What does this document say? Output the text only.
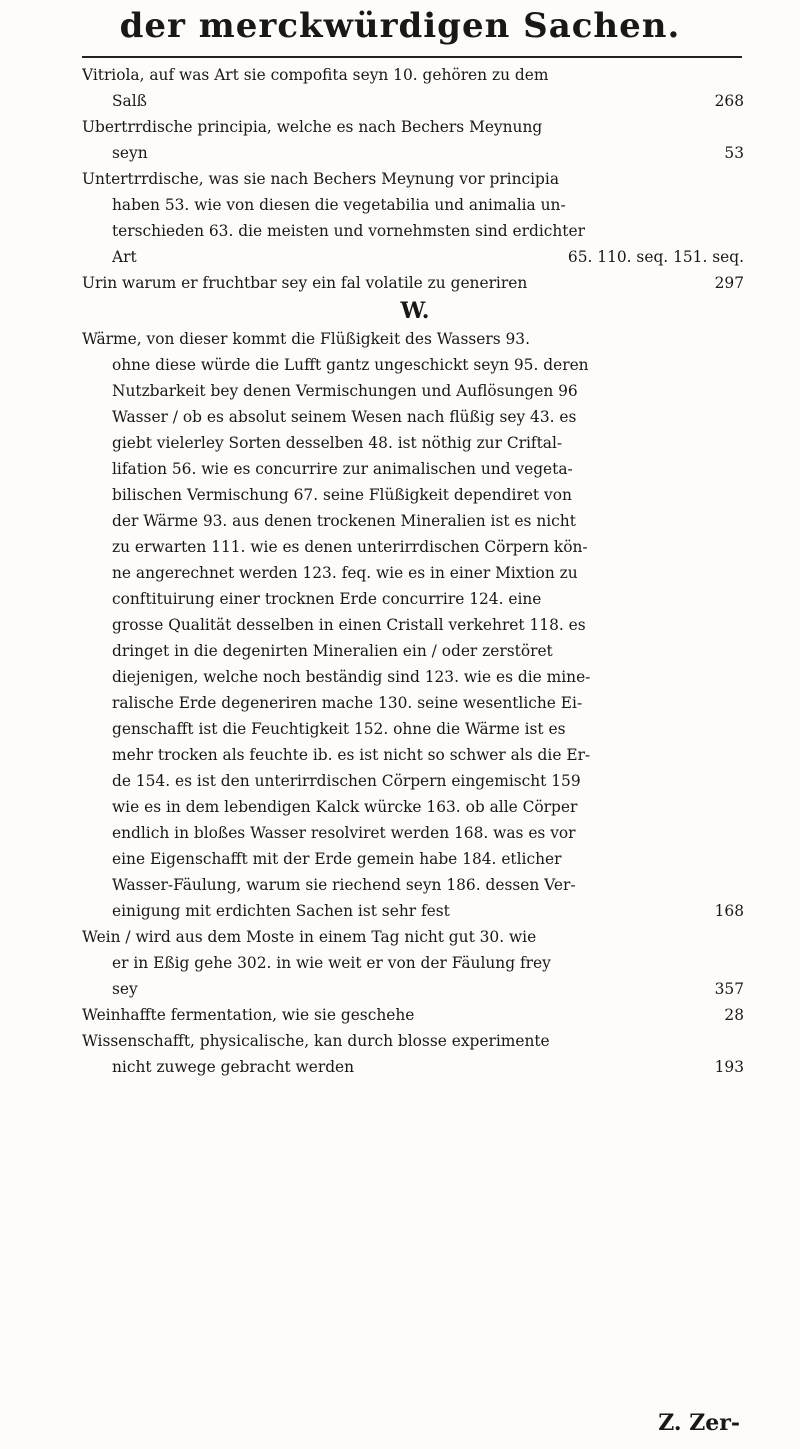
der merckwürdigen Sachen.
Vitriola, auf was Art sie compofita seyn 10. gehören zu dem
Salß	268
Ubertrrdische principia, welche es nach Bechers Meynung
seyn	53
Untertrrdische, was sie nach Bechers Meynung vor principia
haben 53. wie von diesen die vegetabilia und animalia un-
terschieden 63. die meisten und vornehmsten sind erdichter
Art	65. 110. seq. 151. seq.
Urin warum er fruchtbar sey ein fal volatile zu generiren	297
W.
Wärme, von dieser kommt die Flüßigkeit des Wassers 93.
ohne diese würde die Lufft gantz ungeschickt seyn 95. deren
Nutzbarkeit bey denen Vermischungen und Auflösungen 96
Wasser / ob es absolut seinem Wesen nach flüßig sey 43. es
giebt vielerley Sorten desselben 48. ist nöthig zur Criftal-
lifation 56. wie es concurrire zur animalischen und vegeta-
bilischen Vermischung 67. seine Flüßigkeit dependiret von
der Wärme 93. aus denen trockenen Mineralien ist es nicht
zu erwarten 111. wie es denen unterirrdischen Cörpern kön-
ne angerechnet werden 123. feq. wie es in einer Mixtion zu
conftituirung einer trocknen Erde concurrire 124. eine
grosse Qualität desselben in einen Cristall verkehret 118. es
dringet in die degenirten Mineralien ein / oder zerstöret
diejenigen, welche noch beständig sind 123. wie es die mine-
ralische Erde degeneriren mache 130. seine wesentliche Ei-
genschafft ist die Feuchtigkeit 152. ohne die Wärme ist es
mehr trocken als feuchte ib. es ist nicht so schwer als die Er-
de 154. es ist den unterirrdischen Cörpern eingemischt 159
wie es in dem lebendigen Kalck würcke 163. ob alle Cörper
endlich in bloßes Wasser resolviret werden 168. was es vor
eine Eigenschafft mit der Erde gemein habe 184. etlicher
Wasser-Fäulung, warum sie riechend seyn 186. dessen Ver-
einigung mit erdichten Sachen ist sehr fest	168
Wein / wird aus dem Moste in einem Tag nicht gut 30. wie
er in Eßig gehe 302. in wie weit er von der Fäulung frey
sey	357
Weinhaffte fermentation, wie sie geschehe	28
Wissenschafft, physicalische, kan durch blosse experimente
nicht zuwege gebracht werden	193
Z. Zer-
